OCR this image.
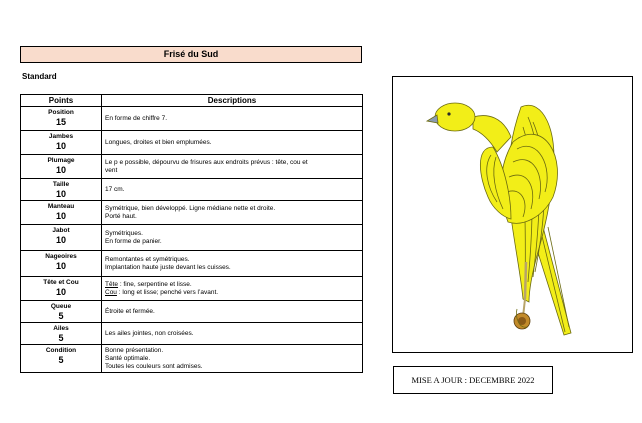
Frisé du Sud
Standard
Points	Descriptions

Position
15	En forme de chiffre 7.

Jambes
10	Longues, droites et bien emplumées.

Plumage
10	Le p e possible, dépourvu de frisures aux endroits prévus : tête, cou et
vent

Taille
10	17 cm.

Manteau
10	Symétrique, bien développé. Ligne médiane nette et droite.
Porté haut.

Jabot
10	Symétriques.
En forme de panier.

Nageoires
10	Remontantes et symétriques.
Implantation haute juste devant les cuisses.

Tête et Cou
10	Tête : fine, serpentine et lisse.
Cou : long et lisse; penché vers l’avant.

Queue
5	Étroite et fermée.

Ailes
5	Les ailes jointes, non croisées.

Condition
5	Bonne présentation.
Santé optimale.
Toutes les couleurs sont admises.
MISE A JOUR : DECEMBRE 2022
